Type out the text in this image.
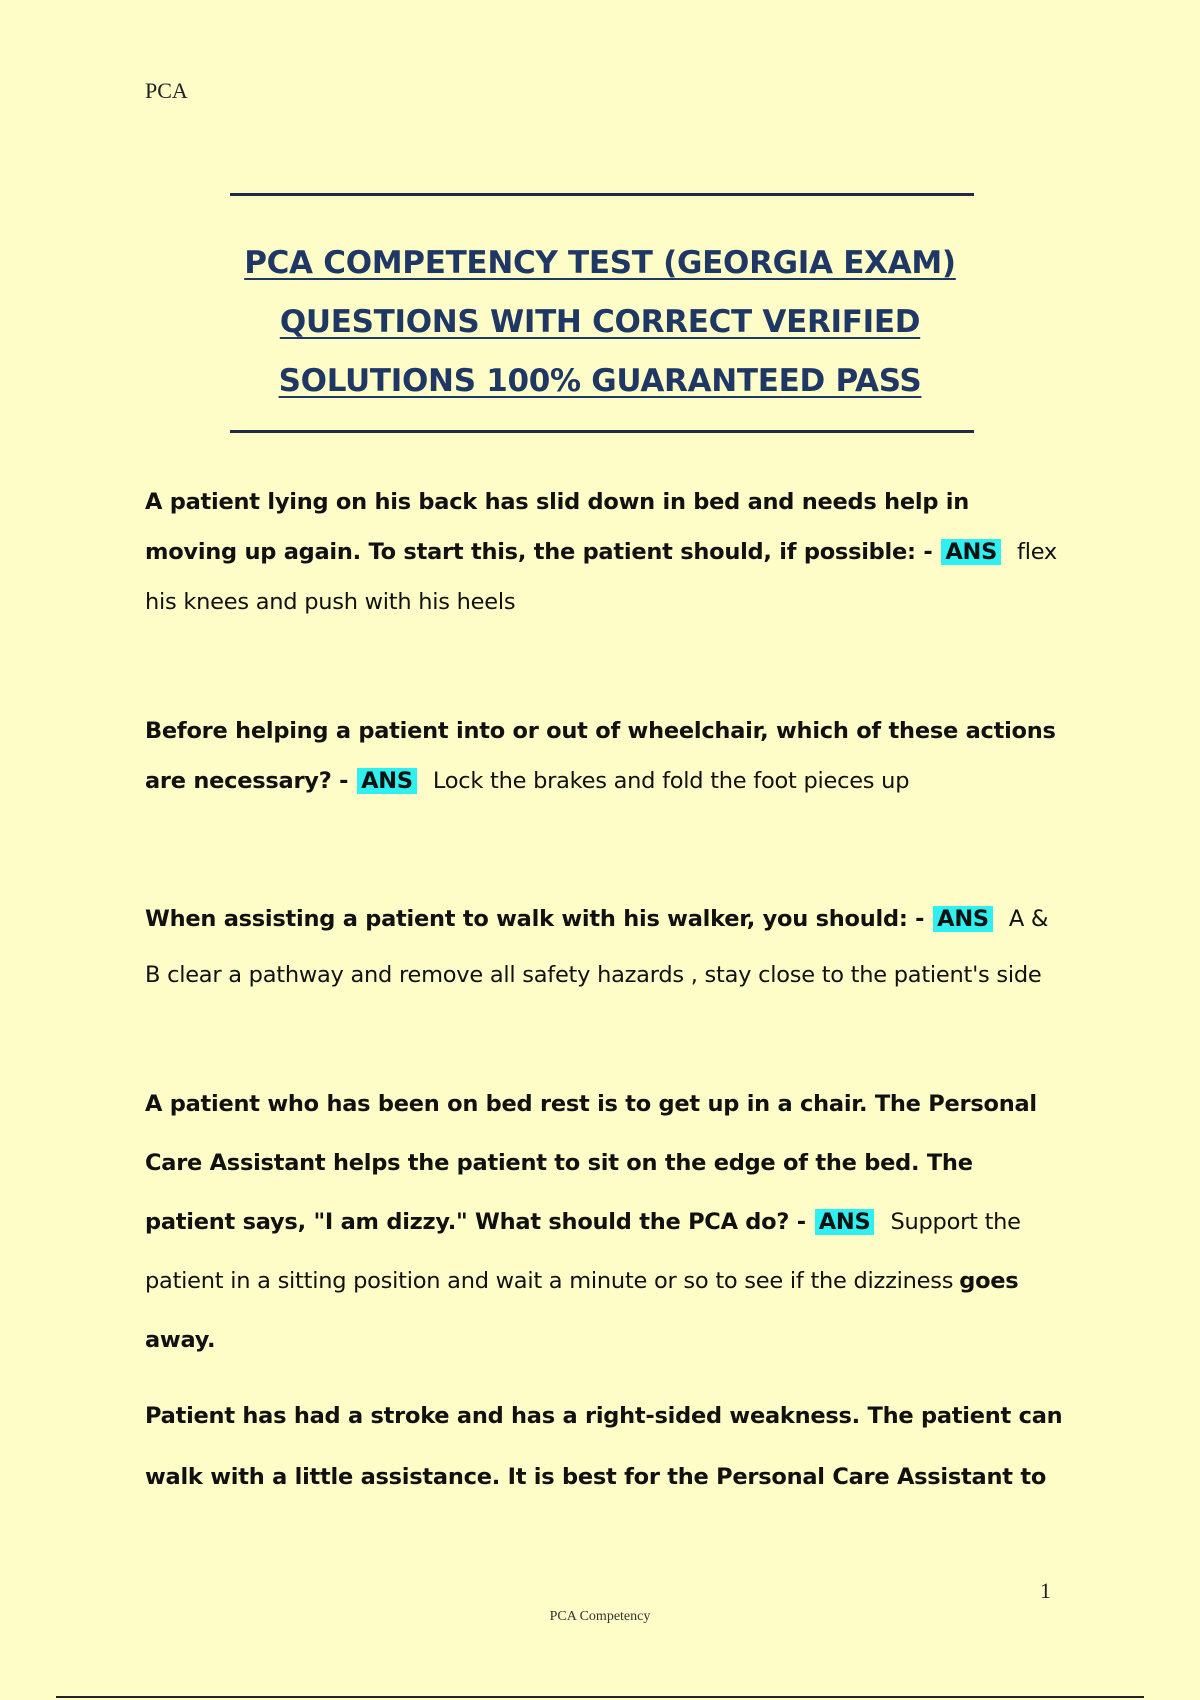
PCA
PCA COMPETENCY TEST (GEORGIA EXAM)
QUESTIONS WITH CORRECT VERIFIED
SOLUTIONS 100% GUARANTEED PASS
A patient lying on his back has slid down in bed and needs help in moving up again. To start this, the patient should, if possible: - ANS flex his knees and push with his heels
Before helping a patient into or out of wheelchair, which of these actions are necessary? - ANS Lock the brakes and fold the foot pieces up
When assisting a patient to walk with his walker, you should: - ANS A & B clear a pathway and remove all safety hazards , stay close to the patient's side
A patient who has been on bed rest is to get up in a chair. The Personal Care Assistant helps the patient to sit on the edge of the bed. The patient says, "I am dizzy." What should the PCA do? - ANS Support the patient in a sitting position and wait a minute or so to see if the dizziness goes away.
Patient has had a stroke and has a right-sided weakness. The patient can walk with a little assistance. It is best for the Personal Care Assistant to
1
PCA Competency
